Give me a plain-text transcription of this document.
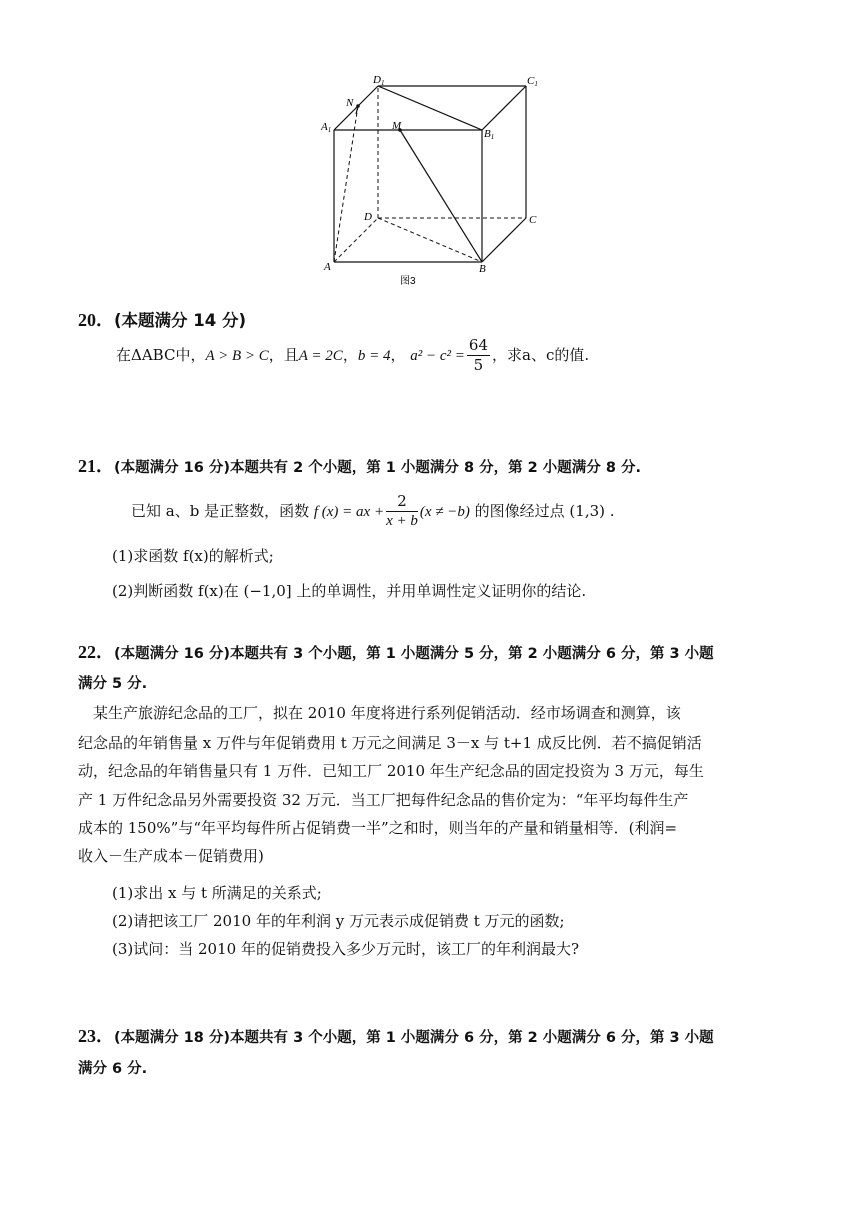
D1	C1
N
A1	M
B1
D	C
A	B
图3
20．(本题满分 14 分)
在ΔABC中，A > B > C，且A = 2C，b = 4， $a^2 - c^2 = \frac{64}{5}$ ，求a、c的值.
21．(本题满分 16 分)本题共有 2 个小题，第 1 小题满分 8 分，第 2 小题满分 8 分.
已知 a、b 是正整数，函数 f (x) = ax + $\frac{2}{x + b} (x \ne -b)$ 的图像经过点 (1,3) .
(1)求函数 f(x)的解析式;
(2)判断函数 f(x)在 (−1,0] 上的单调性，并用单调性定义证明你的结论.
22．(本题满分 16 分)本题共有 3 个小题，第 1 小题满分 5 分，第 2 小题满分 6 分，第 3 小题
满分 5 分.
　某生产旅游纪念品的工厂，拟在 2010 年度将进行系列促销活动．经市场调查和测算，该
纪念品的年销售量 x 万件与年促销费用 t 万元之间满足 3－x 与 t+1 成反比例．若不搞促销活
动，纪念品的年销售量只有 1 万件．已知工厂 2010 年生产纪念品的固定投资为 3 万元，每生
产 1 万件纪念品另外需要投资 32 万元．当工厂把每件纪念品的售价定为：“年平均每件生产
成本的 150%”与“年平均每件所占促销费一半”之和时，则当年的产量和销量相等．(利润=
收入－生产成本－促销费用)
(1)求出 x 与 t 所满足的关系式;
(2)请把该工厂 2010 年的年利润 y 万元表示成促销费 t 万元的函数;
(3)试问：当 2010 年的促销费投入多少万元时，该工厂的年利润最大?
23．(本题满分 18 分)本题共有 3 个小题，第 1 小题满分 6 分，第 2 小题满分 6 分，第 3 小题
满分 6 分.
